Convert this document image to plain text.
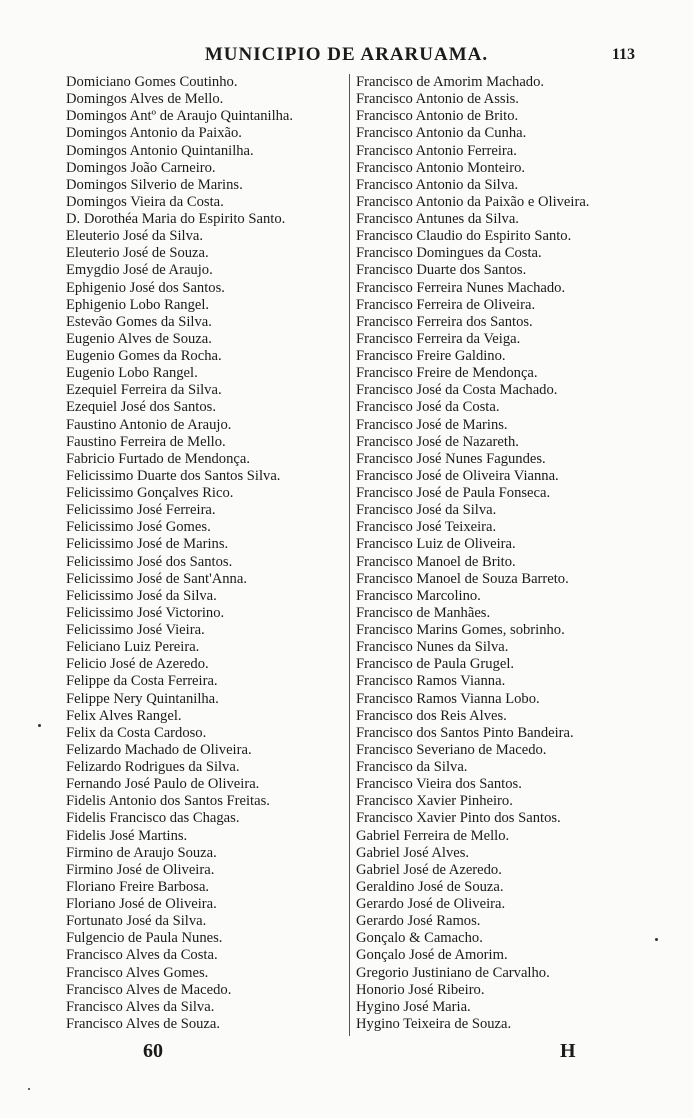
MUNICIPIO DE ARARUAMA.	113
Domiciano Gomes Coutinho.
Domingos Alves de Mello.
Domingos Antº de Araujo Quintanilha.
Domingos Antonio da Paixão.
Domingos Antonio Quintanilha.
Domingos João Carneiro.
Domingos Silverio de Marins.
Domingos Vieira da Costa.
D. Dorothéa Maria do Espirito Santo.
Eleuterio José da Silva.
Eleuterio José de Souza.
Emygdio José de Araujo.
Ephigenio José dos Santos.
Ephigenio Lobo Rangel.
Estevão Gomes da Silva.
Eugenio Alves de Souza.
Eugenio Gomes da Rocha.
Eugenio Lobo Rangel.
Ezequiel Ferreira da Silva.
Ezequiel José dos Santos.
Faustino Antonio de Araujo.
Faustino Ferreira de Mello.
Fabricio Furtado de Mendonça.
Felicissimo Duarte dos Santos Silva.
Felicissimo Gonçalves Rico.
Felicissimo José Ferreira.
Felicissimo José Gomes.
Felicissimo José de Marins.
Felicissimo José dos Santos.
Felicissimo José de Sant'Anna.
Felicissimo José da Silva.
Felicissimo José Victorino.
Felicissimo José Vieira.
Feliciano Luiz Pereira.
Felicio José de Azeredo.
Felippe da Costa Ferreira.
Felippe Nery Quintanilha.
Felix Alves Rangel.
Felix da Costa Cardoso.
Felizardo Machado de Oliveira.
Felizardo Rodrigues da Silva.
Fernando José Paulo de Oliveira.
Fidelis Antonio dos Santos Freitas.
Fidelis Francisco das Chagas.
Fidelis José Martins.
Firmino de Araujo Souza.
Firmino José de Oliveira.
Floriano Freire Barbosa.
Floriano José de Oliveira.
Fortunato José da Silva.
Fulgencio de Paula Nunes.
Francisco Alves da Costa.
Francisco Alves Gomes.
Francisco Alves de Macedo.
Francisco Alves da Silva.
Francisco Alves de Souza.
Francisco de Amorim Machado.
Francisco Antonio de Assis.
Francisco Antonio de Brito.
Francisco Antonio da Cunha.
Francisco Antonio Ferreira.
Francisco Antonio Monteiro.
Francisco Antonio da Silva.
Francisco Antonio da Paixão e Oliveira.
Francisco Antunes da Silva.
Francisco Claudio do Espirito Santo.
Francisco Domingues da Costa.
Francisco Duarte dos Santos.
Francisco Ferreira Nunes Machado.
Francisco Ferreira de Oliveira.
Francisco Ferreira dos Santos.
Francisco Ferreira da Veiga.
Francisco Freire Galdino.
Francisco Freire de Mendonça.
Francisco José da Costa Machado.
Francisco José da Costa.
Francisco José de Marins.
Francisco José de Nazareth.
Francisco José Nunes Fagundes.
Francisco José de Oliveira Vianna.
Francisco José de Paula Fonseca.
Francisco José da Silva.
Francisco José Teixeira.
Francisco Luiz de Oliveira.
Francisco Manoel de Brito.
Francisco Manoel de Souza Barreto.
Francisco Marcolino.
Francisco de Manhães.
Francisco Marins Gomes, sobrinho.
Francisco Nunes da Silva.
Francisco de Paula Grugel.
Francisco Ramos Vianna.
Francisco Ramos Vianna Lobo.
Francisco dos Reis Alves.
Francisco dos Santos Pinto Bandeira.
Francisco Severiano de Macedo.
Francisco da Silva.
Francisco Vieira dos Santos.
Francisco Xavier Pinheiro.
Francisco Xavier Pinto dos Santos.
Gabriel Ferreira de Mello.
Gabriel José Alves.
Gabriel José de Azeredo.
Geraldino José de Souza.
Gerardo José de Oliveira.
Gerardo José Ramos.
Gonçalo & Camacho.
Gonçalo José de Amorim.
Gregorio Justiniano de Carvalho.
Honorio José Ribeiro.
Hygino José Maria.
Hygino Teixeira de Souza.
60	H
